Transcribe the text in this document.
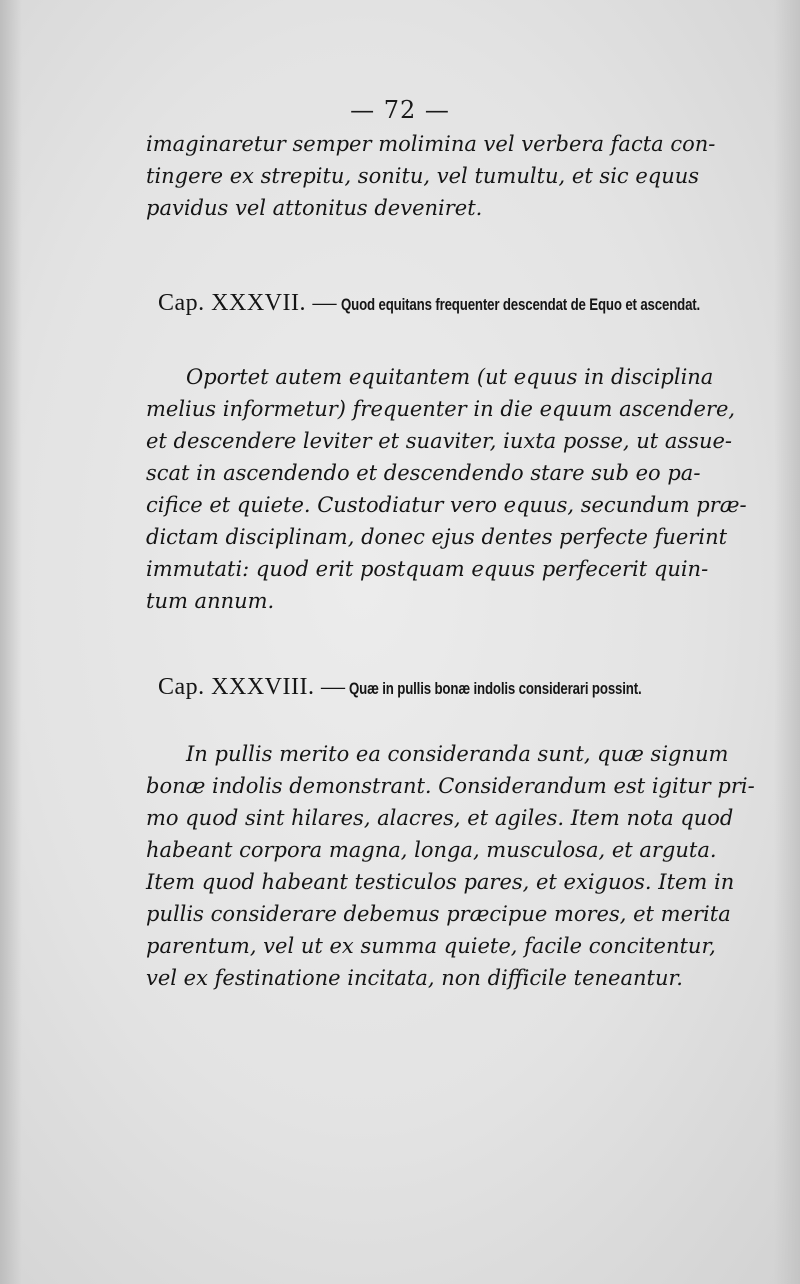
— 72 —
imaginaretur semper molimina vel verbera facta con-
tingere ex strepitu, sonitu, vel tumultu, et sic equus
pavidus vel attonitus deveniret.
Cap. XXXVII. — Quod equitans frequenter descendat de Equo et ascendat.
Oportet autem equitantem (ut equus in disciplina
melius informetur) frequenter in die equum ascendere,
et descendere leviter et suaviter, iuxta posse, ut assue-
scat in ascendendo et descendendo stare sub eo pa-
cifice et quiete. Custodiatur vero equus, secundum præ-
dictam disciplinam, donec ejus dentes perfecte fuerint
immutati: quod erit postquam equus perfecerit quin-
tum annum.
Cap. XXXVIII. — Quæ in pullis bonæ indolis considerari possint.
In pullis merito ea consideranda sunt, quæ signum
bonæ indolis demonstrant. Considerandum est igitur pri-
mo quod sint hilares, alacres, et agiles. Item nota quod
habeant corpora magna, longa, musculosa, et arguta.
Item quod habeant testiculos pares, et exiguos. Item in
pullis considerare debemus præcipue mores, et merita
parentum, vel ut ex summa quiete, facile concitentur,
vel ex festinatione incitata, non difficile teneantur.
